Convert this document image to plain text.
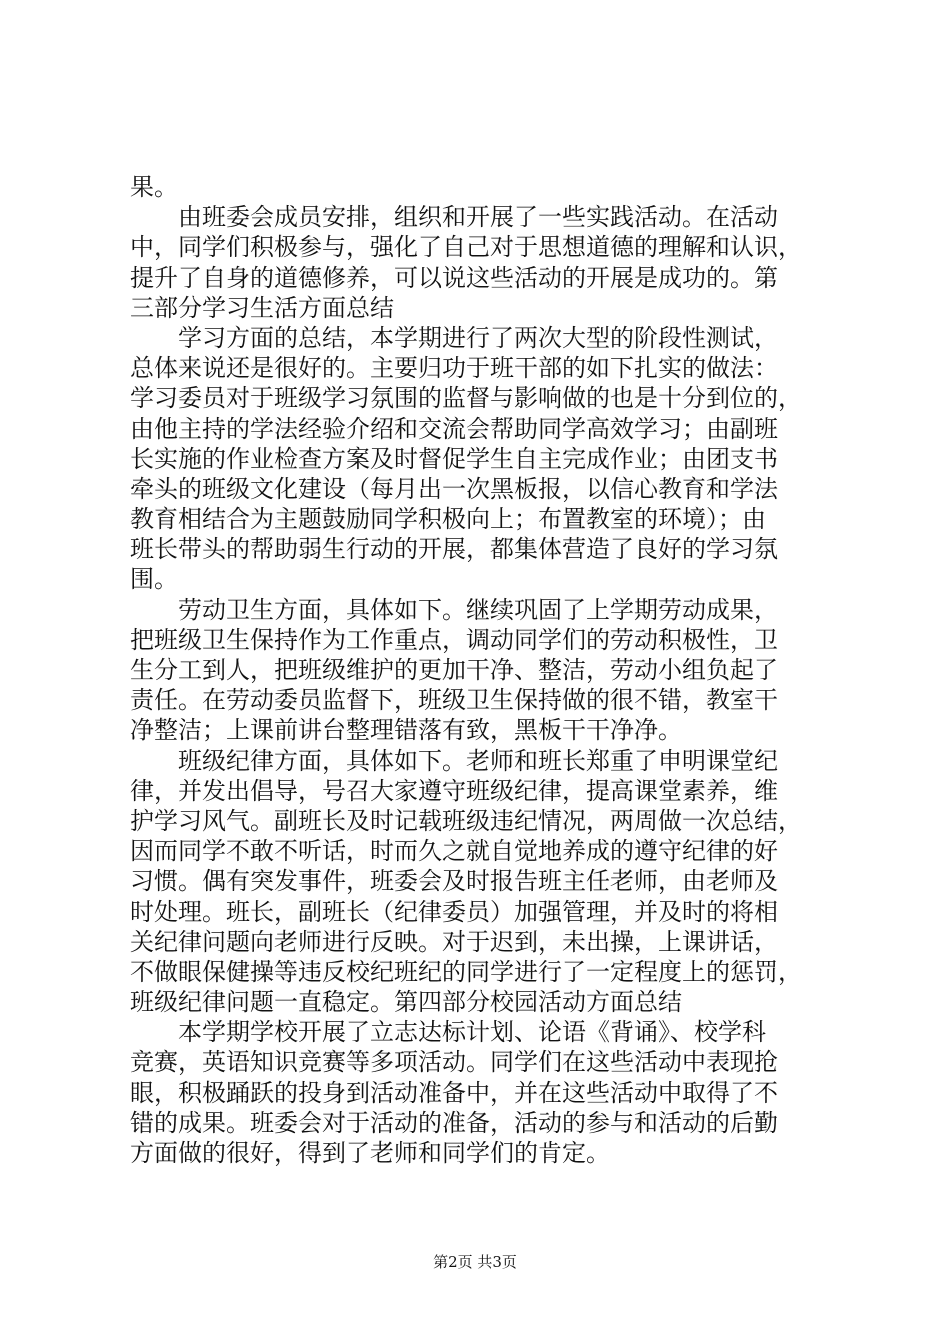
果。
由班委会成员安排，组织和开展了一些实践活动。在活动
中，同学们积极参与，强化了自己对于思想道德的理解和认识，
提升了自身的道德修养，可以说这些活动的开展是成功的。第
三部分学习生活方面总结
学习方面的总结，本学期进行了两次大型的阶段性测试，
总体来说还是很好的。主要归功于班干部的如下扎实的做法：
学习委员对于班级学习氛围的监督与影响做的也是十分到位的，
由他主持的学法经验介绍和交流会帮助同学高效学习；由副班
长实施的作业检查方案及时督促学生自主完成作业；由团支书
牵头的班级文化建设（每月出一次黑板报，以信心教育和学法
教育相结合为主题鼓励同学积极向上；布置教室的环境）；由
班长带头的帮助弱生行动的开展，都集体营造了良好的学习氛
围。
劳动卫生方面，具体如下。继续巩固了上学期劳动成果，
把班级卫生保持作为工作重点，调动同学们的劳动积极性，卫
生分工到人，把班级维护的更加干净、整洁，劳动小组负起了
责任。在劳动委员监督下，班级卫生保持做的很不错，教室干
净整洁；上课前讲台整理错落有致，黑板干干净净。
班级纪律方面，具体如下。老师和班长郑重了申明课堂纪
律，并发出倡导，号召大家遵守班级纪律，提高课堂素养，维
护学习风气。副班长及时记载班级违纪情况，两周做一次总结，
因而同学不敢不听话，时而久之就自觉地养成的遵守纪律的好
习惯。偶有突发事件，班委会及时报告班主任老师，由老师及
时处理。班长，副班长（纪律委员）加强管理，并及时的将相
关纪律问题向老师进行反映。对于迟到，未出操，上课讲话，
不做眼保健操等违反校纪班纪的同学进行了一定程度上的惩罚，
班级纪律问题一直稳定。第四部分校园活动方面总结
本学期学校开展了立志达标计划、论语《背诵》、校学科
竞赛，英语知识竞赛等多项活动。同学们在这些活动中表现抢
眼，积极踊跃的投身到活动准备中，并在这些活动中取得了不
错的成果。班委会对于活动的准备，活动的参与和活动的后勤
方面做的很好，得到了老师和同学们的肯定。
第2页 共3页
